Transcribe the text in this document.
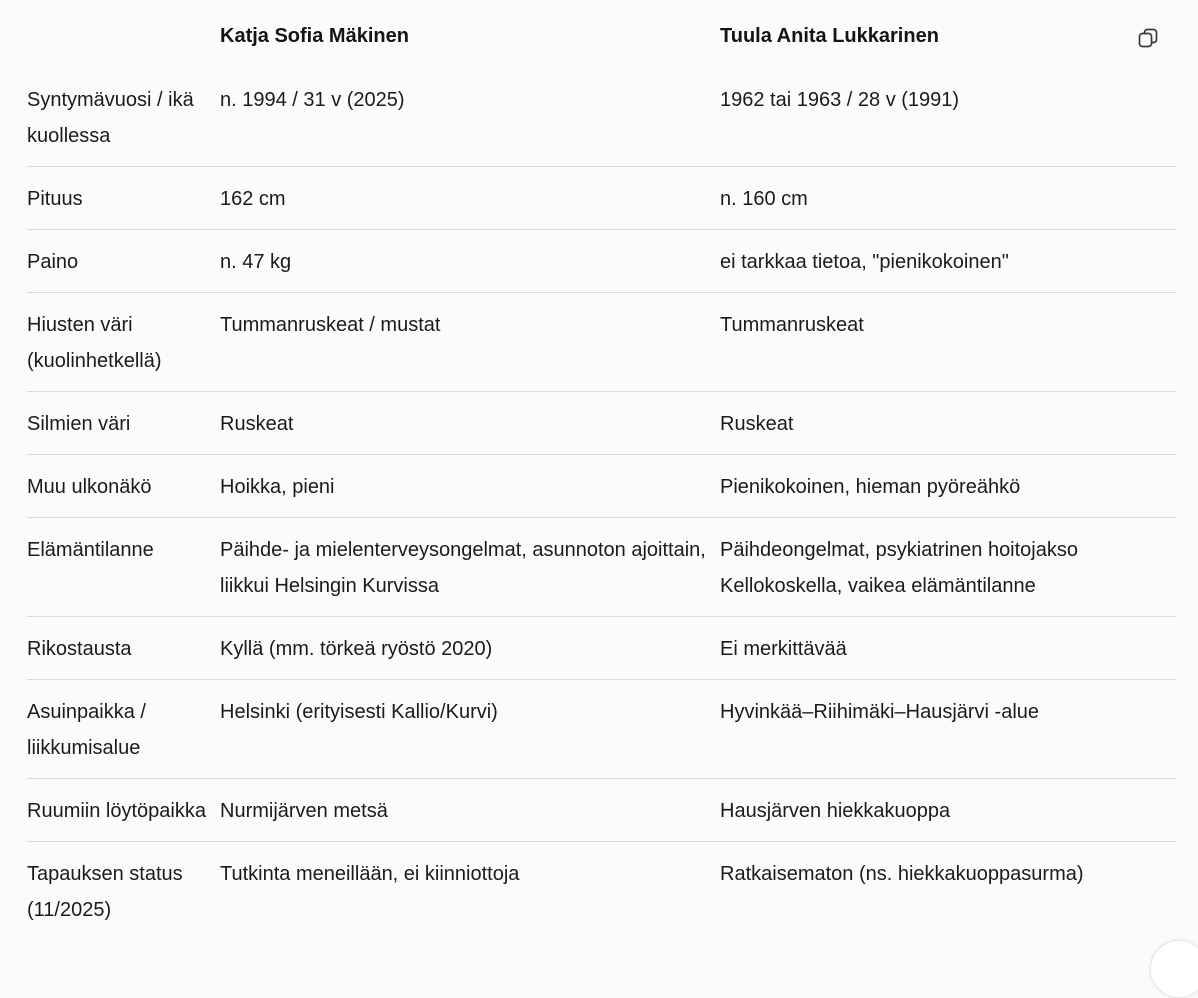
	Katja Sofia Mäkinen	Tuula Anita Lukkarinen
Syntymävuosi / ikä kuollessa	n. 1994 / 31 v (2025)	1962 tai 1963 / 28 v (1991)
Pituus	162 cm	n. 160 cm
Paino	n. 47 kg	ei tarkkaa tietoa, "pienikokoinen"
Hiusten väri (kuolinhetkellä)	Tummanruskeat / mustat	Tummanruskeat
Silmien väri	Ruskeat	Ruskeat
Muu ulkonäkö	Hoikka, pieni	Pienikokoinen, hieman pyöreähkö
Elämäntilanne	Päihde- ja mielenterveysongelmat, asunnoton ajoittain, liikkui Helsingin Kurvissa	Päihdeongelmat, psykiatrinen hoitojakso Kellokoskella, vaikea elämäntilanne
Rikostausta	Kyllä (mm. törkeä ryöstö 2020)	Ei merkittävää
Asuinpaikka / liikkumisalue	Helsinki (erityisesti Kallio/Kurvi)	Hyvinkää–Riihimäki–Hausjärvi -alue
Ruumiin löytöpaikka	Nurmijärven metsä	Hausjärven hiekkakuoppa
Tapauksen status (11/2025)	Tutkinta meneillään, ei kiinniottoja	Ratkaisematon (ns. hiekkakuoppasurma)
